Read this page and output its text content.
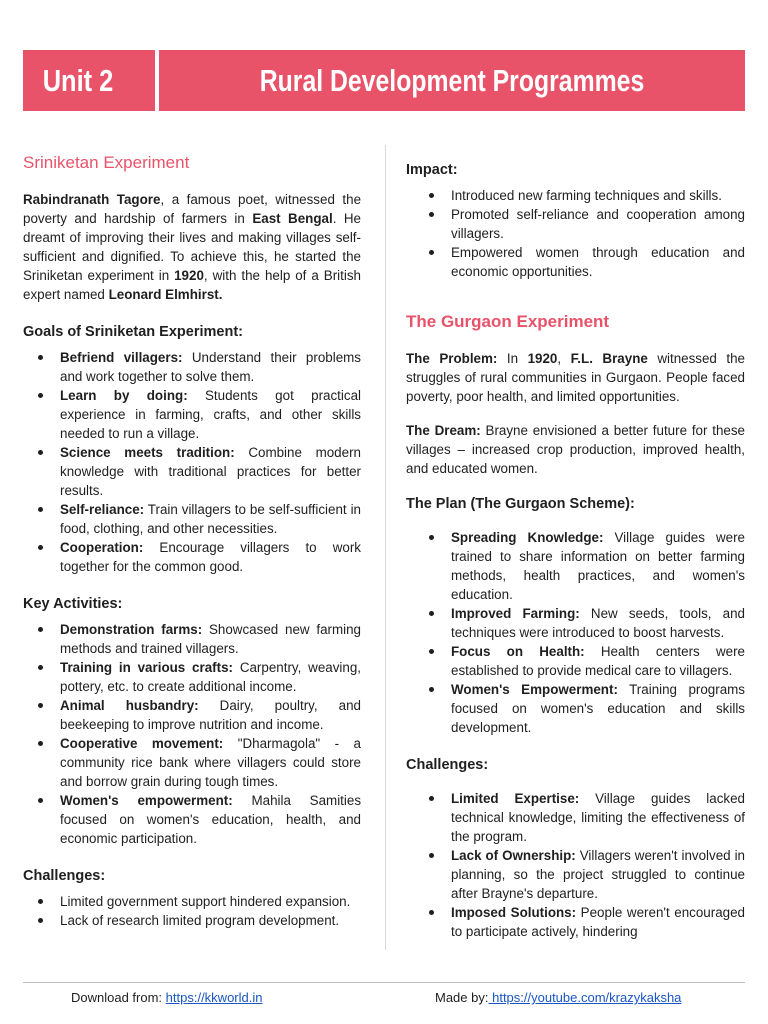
Unit 2	Rural Development Programmes
Sriniketan Experiment

Rabindranath Tagore, a famous poet, witnessed the poverty and hardship of farmers in East Bengal. He dreamt of improving their lives and making villages self-sufficient and dignified. To achieve this, he started the Sriniketan experiment in 1920, with the help of a British expert named Leonard Elmhirst.

Goals of Sriniketan Experiment:
Befriend villagers: Understand their problems and work together to solve them.
Learn by doing: Students got practical experience in farming, crafts, and other skills needed to run a village.
Science meets tradition: Combine modern knowledge with traditional practices for better results.
Self-reliance: Train villagers to be self-sufficient in food, clothing, and other necessities.
Cooperation: Encourage villagers to work together for the common good.
Key Activities:
Demonstration farms: Showcased new farming methods and trained villagers.
Training in various crafts: Carpentry, weaving, pottery, etc. to create additional income.
Animal husbandry: Dairy, poultry, and beekeeping to improve nutrition and income.
Cooperative movement: "Dharmagola" - a community rice bank where villagers could store and borrow grain during tough times.
Women's empowerment: Mahila Samities focused on women's education, health, and economic participation.
Challenges:
Limited government support hindered expansion.
Lack of research limited program development.
Impact:
Introduced new farming techniques and skills.
Promoted self-reliance and cooperation among villagers.
Empowered women through education and economic opportunities.
The Gurgaon Experiment

The Problem: In 1920, F.L. Brayne witnessed the struggles of rural communities in Gurgaon. People faced poverty, poor health, and limited opportunities.

The Dream: Brayne envisioned a better future for these villages – increased crop production, improved health, and educated women.

The Plan (The Gurgaon Scheme):
Spreading Knowledge: Village guides were trained to share information on better farming methods, health practices, and women's education.
Improved Farming: New seeds, tools, and techniques were introduced to boost harvests.
Focus on Health: Health centers were established to provide medical care to villagers.
Women's Empowerment: Training programs focused on women's education and skills development.
Challenges:
Limited Expertise: Village guides lacked technical knowledge, limiting the effectiveness of the program.
Lack of Ownership: Villagers weren't involved in planning, so the project struggled to continue after Brayne's departure.
Imposed Solutions: People weren't encouraged to participate actively, hindering
Download from: https://kkworld.in	Made by: https://youtube.com/krazykaksha
